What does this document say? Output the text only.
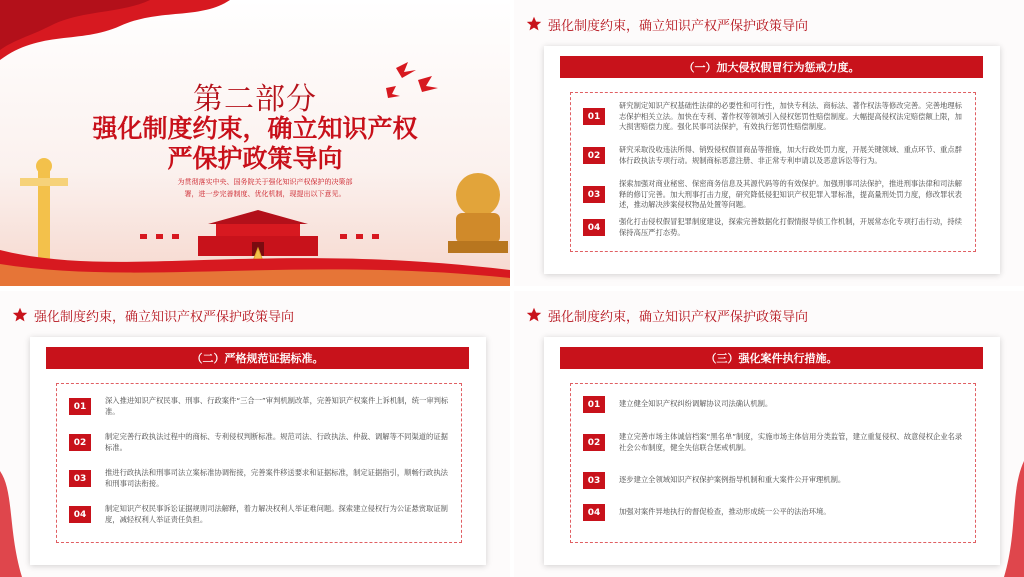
第二部分
强化制度约束，确立知识产权
严保护政策导向
为贯彻落实中央、国务院关于强化知识产权保护的决策部
署，进一步完善制度、优化机制，现提出以下意见。
强化制度约束，确立知识产权严保护政策导向
（一）加大侵权假冒行为惩戒力度。
01
研究制定知识产权基础性法律的必要性和可行性，加快专利法、商标法、著作权法等修改完善。完善地理标志保护相关立法。加快在专利、著作权等领域引入侵权惩罚性赔偿制度。大幅提高侵权法定赔偿额上限，加大损害赔偿力度。强化民事司法保护，有效执行惩罚性赔偿制度。
02
研究采取没收违法所得、销毁侵权假冒商品等措施，加大行政处罚力度，开展关键领域、重点环节、重点群体行政执法专项行动。规制商标恶意注册、非正常专利申请以及恶意诉讼等行为。
03
探索加强对商业秘密、保密商务信息及其源代码等的有效保护。加强刑事司法保护，推进刑事法律和司法解释的修订完善。加大刑事打击力度，研究降低侵犯知识产权犯罪入罪标准，提高量刑处罚力度，修改罪状表述，推动解决涉案侵权物品处置等问题。
04
强化打击侵权假冒犯罪制度建设，探索完善数据化打假情报导侦工作机制，开展常态化专项打击行动，持续保持高压严打态势。
强化制度约束，确立知识产权严保护政策导向
（二）严格规范证据标准。
01
深入推进知识产权民事、刑事、行政案件“三合一”审判机制改革，完善知识产权案件上诉机制，统一审判标准。
02
制定完善行政执法过程中的商标、专利侵权判断标准。规范司法、行政执法、仲裁、调解等不同渠道的证据标准。
03
推进行政执法和刑事司法立案标准协调衔接，完善案件移送要求和证据标准，制定证据指引，顺畅行政执法和刑事司法衔接。
04
制定知识产权民事诉讼证据规则司法解释，着力解决权利人举证难问题。探索建立侵权行为公证悬赏取证制度，减轻权利人举证责任负担。
强化制度约束，确立知识产权严保护政策导向
（三）强化案件执行措施。
01	建立健全知识产权纠纷调解协议司法确认机制。
02
建立完善市场主体诚信档案“黑名单”制度，实施市场主体信用分类监管，建立重复侵权、故意侵权企业名录社会公布制度，健全失信联合惩戒机制。
03	逐步建立全领域知识产权保护案例指导机制和重大案件公开审理机制。
04	加强对案件异地执行的督促检查，推动形成统一公平的法治环境。
